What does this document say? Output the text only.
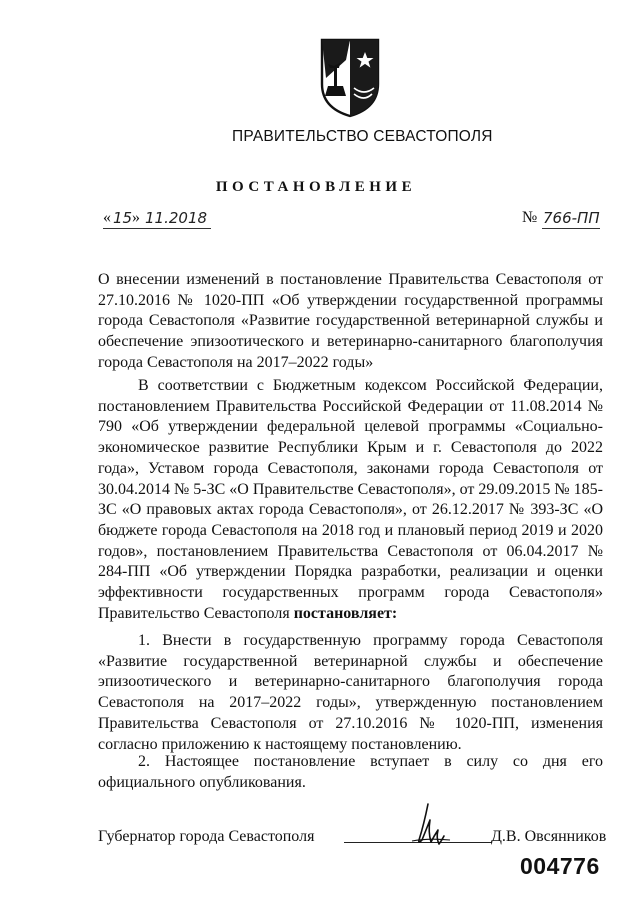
ПРАВИТЕЛЬСТВО СЕВАСТОПОЛЯ
ПОСТАНОВЛЕНИЕ
« 15 » 11.2018	№ 766-ПП
О внесении изменений в постановление Правительства Севастополя от 27.10.2016 № 1020-ПП «Об утверждении государственной программы города Севастополя «Развитие государственной ветеринарной службы и обеспечение эпизоотического и ветеринарно-санитарного благополучия города Севастополя на 2017–2022 годы»
В соответствии с Бюджетным кодексом Российской Федерации, постановлением Правительства Российской Федерации от 11.08.2014 № 790 «Об утверждении федеральной целевой программы «Социально-экономическое развитие Республики Крым и г. Севастополя до 2022 года», Уставом города Севастополя, законами города Севастополя от 30.04.2014 № 5-ЗС «О Правительстве Севастополя», от 29.09.2015 № 185-ЗС «О правовых актах города Севастополя», от 26.12.2017 № 393-ЗС «О бюджете города Севастополя на 2018 год и плановый период 2019 и 2020 годов», постановлением Правительства Севастополя от 06.04.2017 № 284-ПП «Об утверждении Порядка разработки, реализации и оценки эффективности государственных программ города Севастополя» Правительство Севастополя постановляет:
1. Внести в государственную программу города Севастополя «Развитие государственной ветеринарной службы и обеспечение эпизоотического и ветеринарно-санитарного благополучия города Севастополя на 2017–2022 годы», утвержденную постановлением Правительства Севастополя от 27.10.2016 № 1020-ПП, изменения согласно приложению к настоящему постановлению.
2. Настоящее постановление вступает в силу со дня его официального опубликования.
Губернатор города Севастополя	Д.В. Овсянников
004776
